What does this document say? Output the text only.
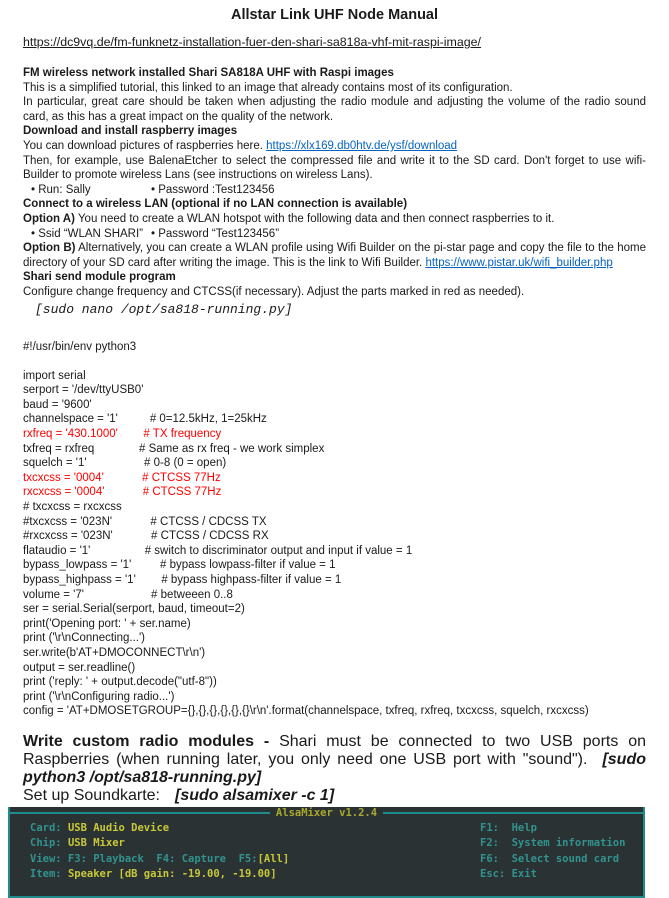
Allstar Link UHF Node Manual
https://dc9vq.de/fm-funknetz-installation-fuer-den-shari-sa818a-vhf-mit-raspi-image/
FM wireless network installed Shari SA818A UHF with Raspi images
This is a simplified tutorial, this linked to an image that already contains most of its configuration.
In particular, great care should be taken when adjusting the radio module and adjusting the volume of the radio sound card, as this has a great impact on the quality of the network.
Download and install raspberry images
You can download pictures of raspberries here. https://xlx169.db0htv.de/ysf/download
Then, for example, use BalenaEtcher to select the compressed file and write it to the SD card. Don't forget to use wifi-Builder to promote wireless Lans (see instructions on wireless Lans).
• Run: Sally	• Password :Test123456
Connect to a wireless LAN (optional if no LAN connection is available)
Option A) You need to create a WLAN hotspot with the following data and then connect raspberries to it.
• Ssid “WLAN SHARI” • Password “Test123456”
Option B) Alternatively, you can create a WLAN profile using Wifi Builder on the pi-star page and copy the file to the home directory of your SD card after writing the image. This is the link to Wifi Builder. https://www.pistar.uk/wifi_builder.php
Shari send module program
Configure change frequency and CTCSS(if necessary). Adjust the parts marked in red as needed).
[sudo nano /opt/sa818-running.py]
#!/usr/bin/env python3

import serial
serport = '/dev/ttyUSB0'
baud = '9600'
channelspace = '1'          # 0=12.5kHz, 1=25kHz
rxfreq = '430.1000'        # TX frequency
txfreq = rxfreq              # Same as rx freq - we work simplex
squelch = '1'                  # 0-8 (0 = open)
txcxcss = '0004'            # CTCSS 77Hz
rxcxcss = '0004'            # CTCSS 77Hz
# txcxcss = rxcxcss
#txcxcss = '023N'            # CTCSS / CDCSS TX
#rxcxcss = '023N'            # CTCSS / CDCSS RX
flataudio = '1'                 # switch to discriminator output and input if value = 1
bypass_lowpass = '1'         # bypass lowpass-filter if value = 1
bypass_highpass = '1'        # bypass highpass-filter if value = 1
volume = '7'                     # betweeen 0..8
ser = serial.Serial(serport, baud, timeout=2)
print('Opening port: ' + ser.name)
print ('\r\nConnecting...')
ser.write(b'AT+DMOCONNECT\r\n')
output = ser.readline()
print ('reply: ' + output.decode("utf-8"))
print ('\r\nConfiguring radio...')
config = 'AT+DMOSETGROUP={},{},{},{},{},{}\r\n'.format(channelspace, txfreq, rxfreq, txcxcss, squelch, rxcxcss)
Write custom radio modules - Shari must be connected to two USB ports on Raspberries (when running later, you only need one USB port with "sound"). [sudo python3 /opt/sa818-running.py]
Set up Soundkarte: [sudo alsamixer -c 1]
AlsaMixer v1.2.4
Card: USB Audio Device
Chip: USB Mixer
View: F3: Playback  F4: Capture  F5:[All]
Item: Speaker [dB gain: -19.00, -19.00]
F1:  Help
F2:  System information
F6:  Select sound card
Esc: Exit
